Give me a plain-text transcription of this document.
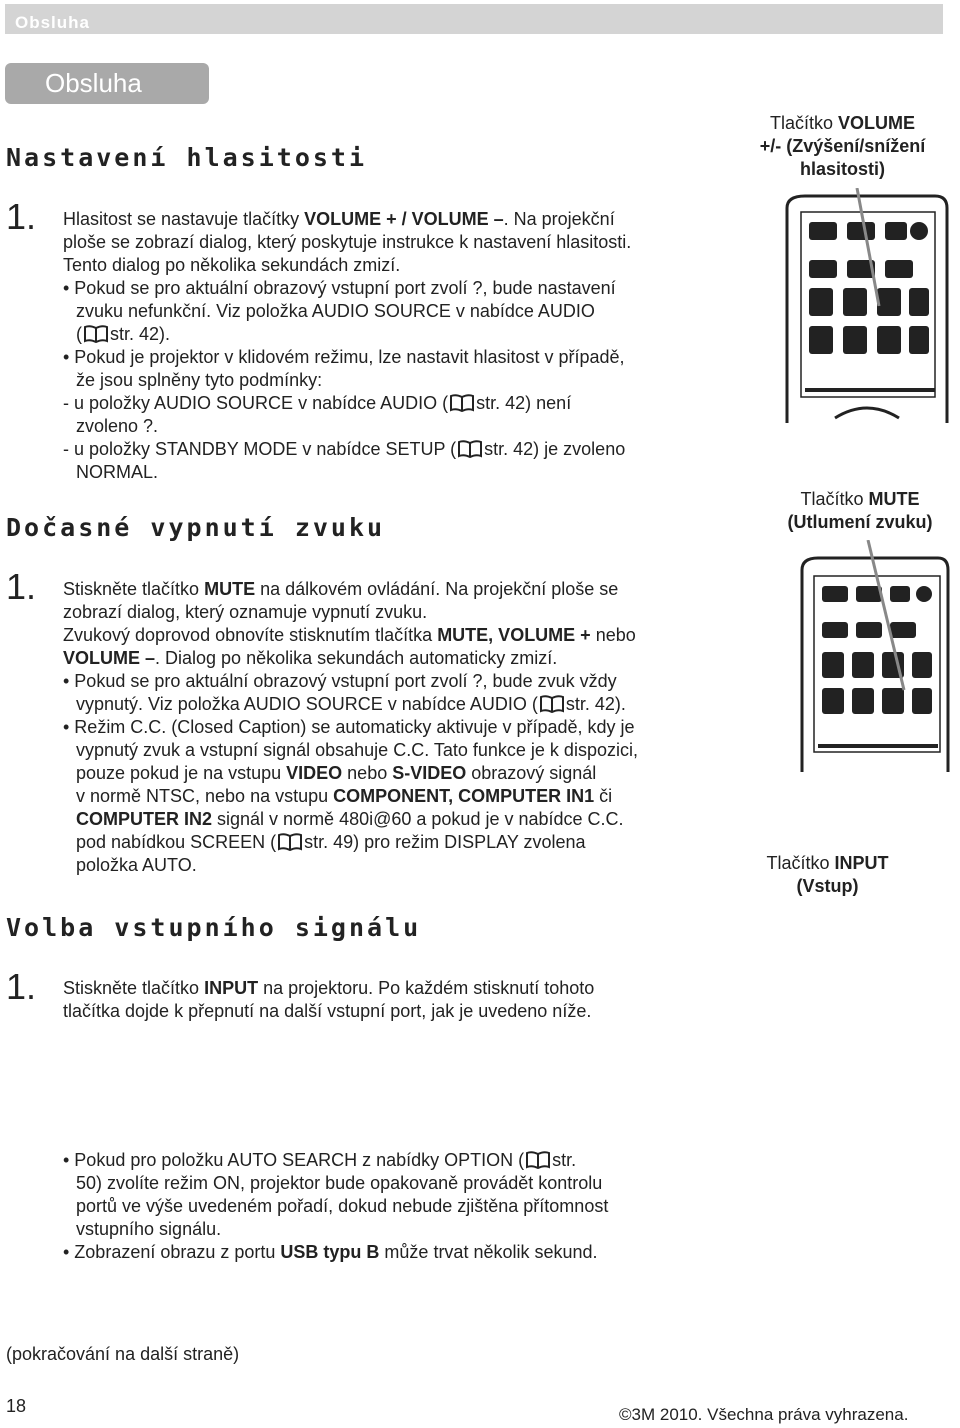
Obsluha
Obsluha
Nastavení hlasitosti
1. Hlasitost se nastavuje tlačítky VOLUME + / VOLUME –. Na projekční
ploše se zobrazí dialog, který poskytuje instrukce k nastavení hlasitosti.
Tento dialog po několika sekundách zmizí.
• Pokud se pro aktuální obrazový vstupní port zvolí ?, bude nastavení
zvuku nefunkční. Viz položka AUDIO SOURCE v nabídce AUDIO
( str. 42).
• Pokud je projektor v klidovém režimu, lze nastavit hlasitost v případě,
že jsou splněny tyto podmínky:
- u položky AUDIO SOURCE v nabídce AUDIO ( str. 42) není
zvoleno ?.
- u položky STANDBY MODE v nabídce SETUP ( str. 42) je zvoleno
NORMAL.
Dočasné vypnutí zvuku
1. Stiskněte tlačítko MUTE na dálkovém ovládání. Na projekční ploše se
zobrazí dialog, který oznamuje vypnutí zvuku.
Zvukový doprovod obnovíte stisknutím tlačítka MUTE, VOLUME + nebo
VOLUME –. Dialog po několika sekundách automaticky zmizí.
• Pokud se pro aktuální obrazový vstupní port zvolí ?, bude zvuk vždy
vypnutý. Viz položka AUDIO SOURCE v nabídce AUDIO ( str. 42).
• Režim C.C. (Closed Caption) se automaticky aktivuje v případě, kdy je
vypnutý zvuk a vstupní signál obsahuje C.C. Tato funkce je k dispozici,
pouze pokud je na vstupu VIDEO nebo S-VIDEO obrazový signál
v normě NTSC, nebo na vstupu COMPONENT, COMPUTER IN1 či
COMPUTER IN2 signál v normě 480i@60 a pokud je v nabídce C.C.
pod nabídkou SCREEN ( str. 49) pro režim DISPLAY zvolena
položka AUTO.
Volba vstupního signálu
1. Stiskněte tlačítko INPUT na projektoru. Po každém stisknutí tohoto
tlačítka dojde k přepnutí na další vstupní port, jak je uvedeno níže.
• Pokud pro položku AUTO SEARCH z nabídky OPTION ( str.
50) zvolíte režim ON, projektor bude opakovaně provádět kontrolu
portů ve výše uvedeném pořadí, dokud nebude zjištěna přítomnost
vstupního signálu.
• Zobrazení obrazu z portu USB typu B může trvat několik sekund.
Tlačítko VOLUME
+/- (Zvýšení/snížení
hlasitosti)
Tlačítko MUTE
(Utlumení zvuku)
Tlačítko INPUT
(Vstup)
(pokračování na další straně)
18	©3M 2010. Všechna práva vyhrazena.
